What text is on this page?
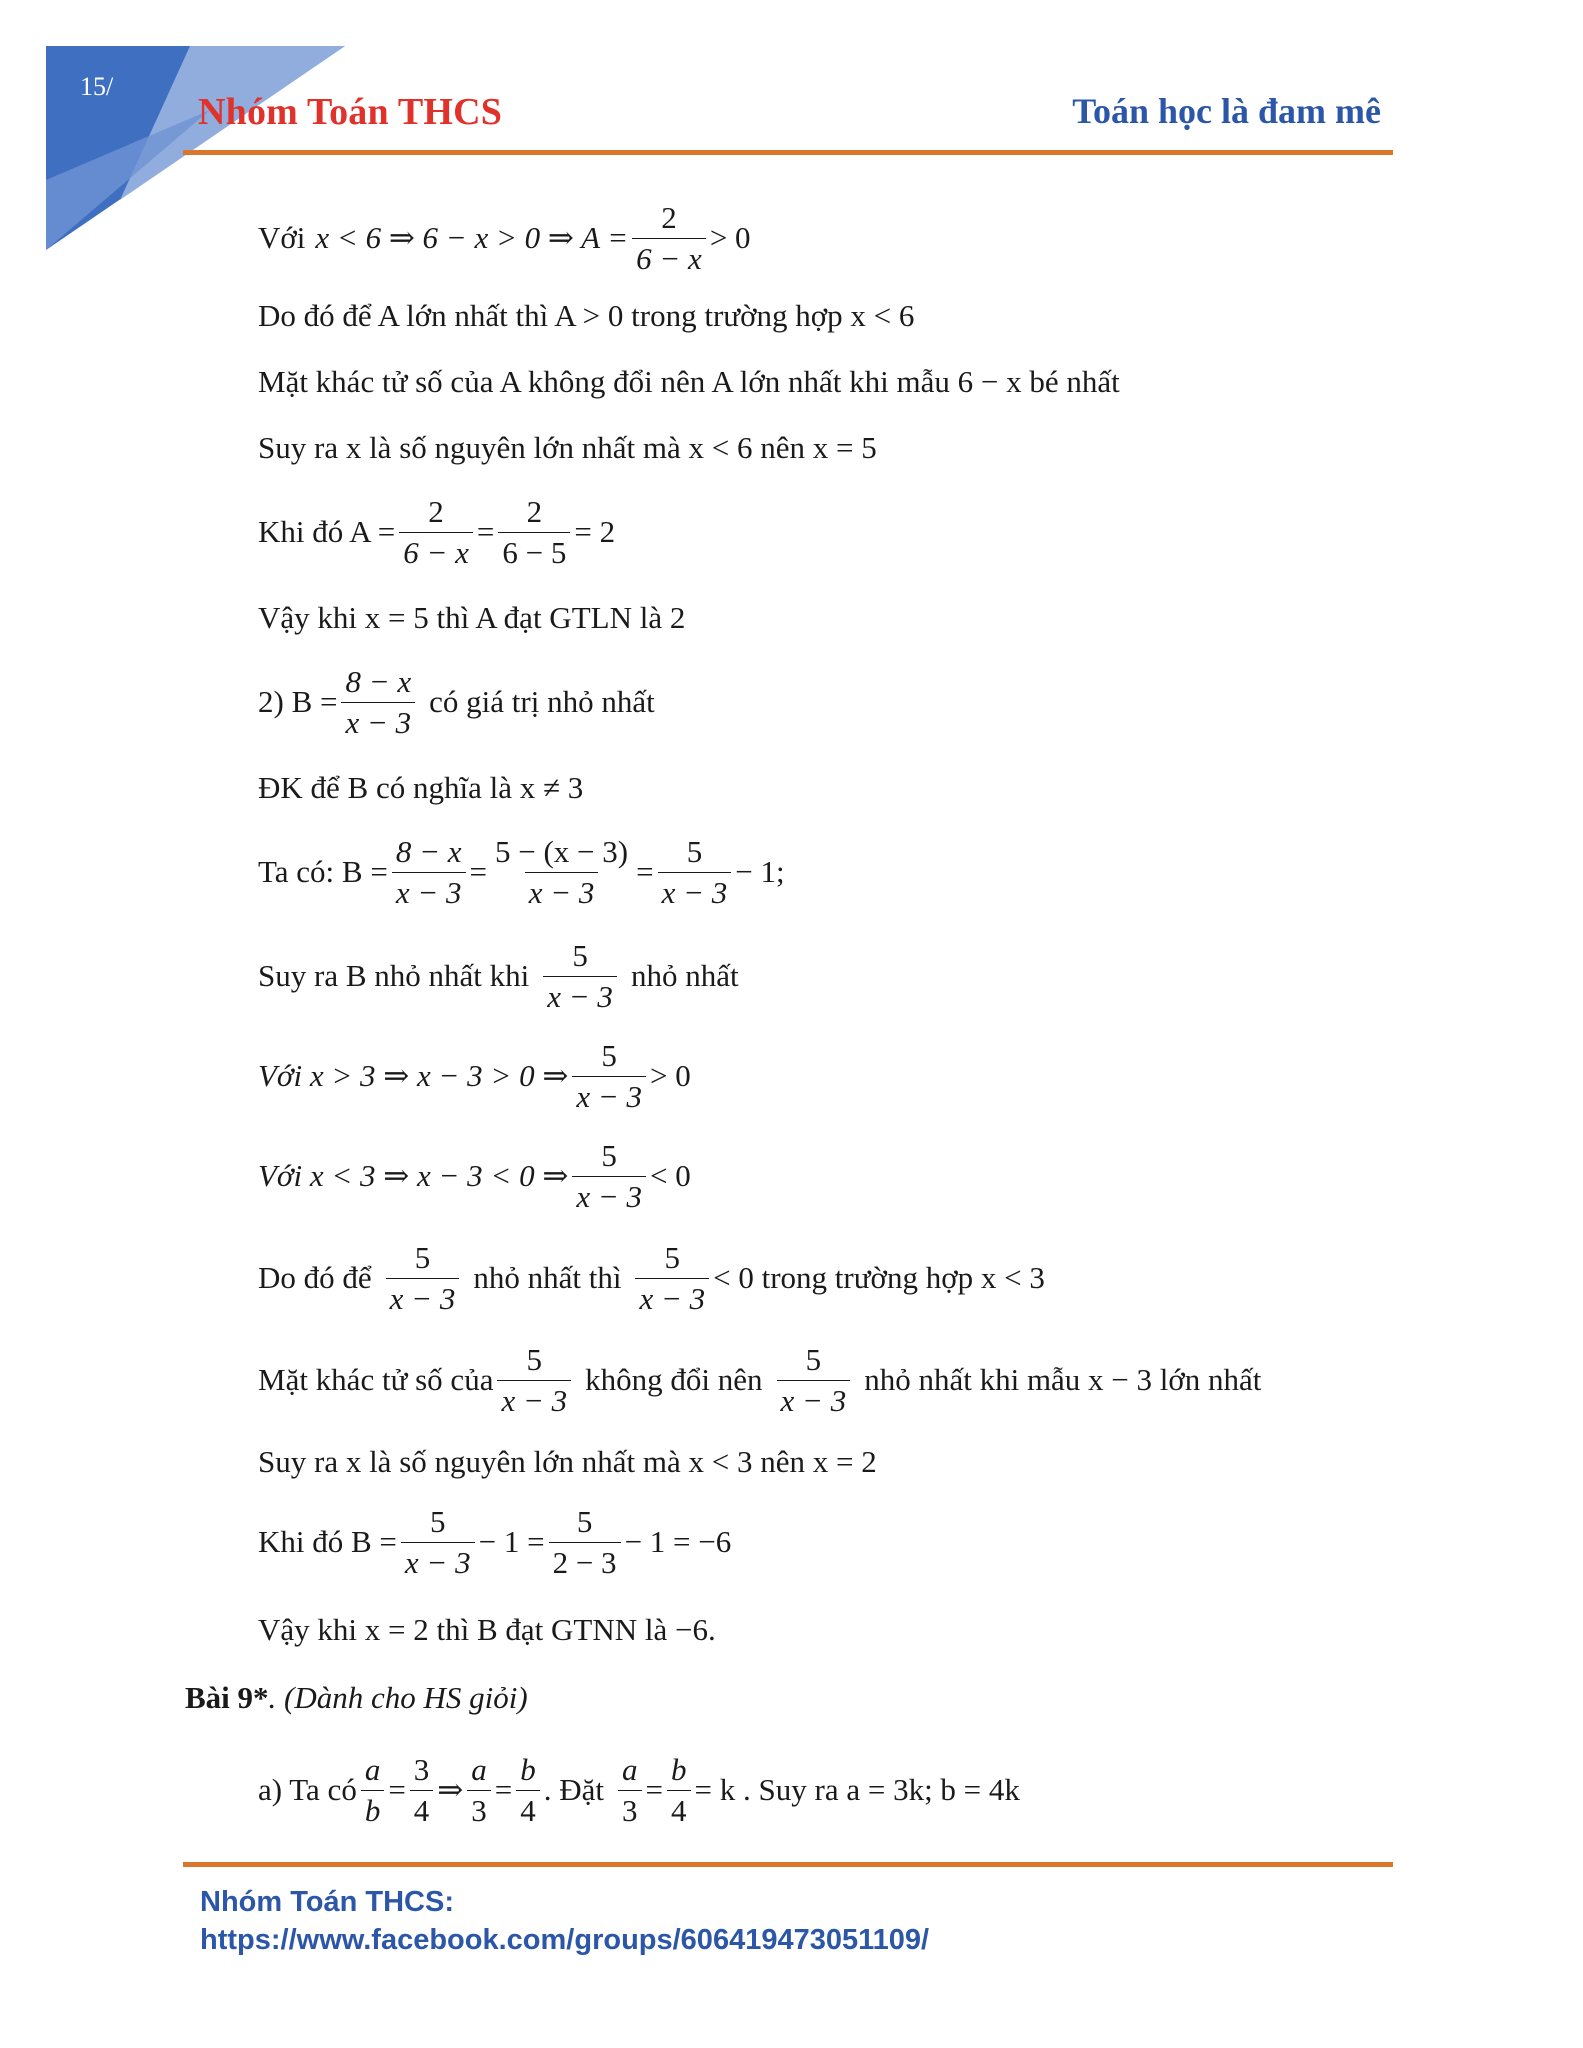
15/
Nhóm Toán THCS	Toán học là đam mê
Với x < 6 ⇒ 6 − x > 0 ⇒ $A = \frac{2}{6 - x} > 0$
Do đó để A lớn nhất thì A > 0 trong trường hợp x < 6
Mặt khác tử số của A không đổi nên A lớn nhất khi mẫu 6 − x bé nhất
Suy ra x là số nguyên lớn nhất mà x < 6 nên x = 5
Khi đó $A = \frac{2}{6 - x} = \frac{2}{6 - 5} = 2$
Vậy khi x = 5 thì A đạt GTLN là 2
2) $B = \frac{8 - x}{x - 3}$ có giá trị nhỏ nhất
ĐK để B có nghĩa là x ≠ 3
Ta có: $B = \frac{8 - x}{x - 3} = \frac{5 - (x - 3)}{x - 3} = \frac{5}{x - 3} - 1$;
Suy ra B nhỏ nhất khi $\frac{5}{x - 3}$ nhỏ nhất
Với x > 3 ⇒ x − 3 > 0 ⇒ $\frac{5}{x - 3} > 0$
Với x < 3 ⇒ x − 3 < 0 ⇒ $\frac{5}{x - 3} < 0$
Do đó để $\frac{5}{x - 3}$ nhỏ nhất thì $\frac{5}{x - 3} < 0$ trong trường hợp x < 3
Mặt khác tử số của $\frac{5}{x - 3}$ không đổi nên $\frac{5}{x - 3}$ nhỏ nhất khi mẫu x − 3 lớn nhất
Suy ra x là số nguyên lớn nhất mà x < 3 nên x = 2
Khi đó $B = \frac{5}{x - 3} - 1 = \frac{5}{2 - 3} - 1 = -6$
Vậy khi x = 2 thì B đạt GTNN là −6.
a) Ta có $\frac{a}{b} = \frac{3}{4}$ ⇒ $\frac{a}{3} = \frac{b}{4}$ . Đặt $\frac{a}{3} = \frac{b}{4} = k$ . Suy ra a = 3k; b = 4k
Bài 9*. (Dành cho HS giỏi)
Nhóm Toán THCS:
https://www.facebook.com/groups/606419473051109/
